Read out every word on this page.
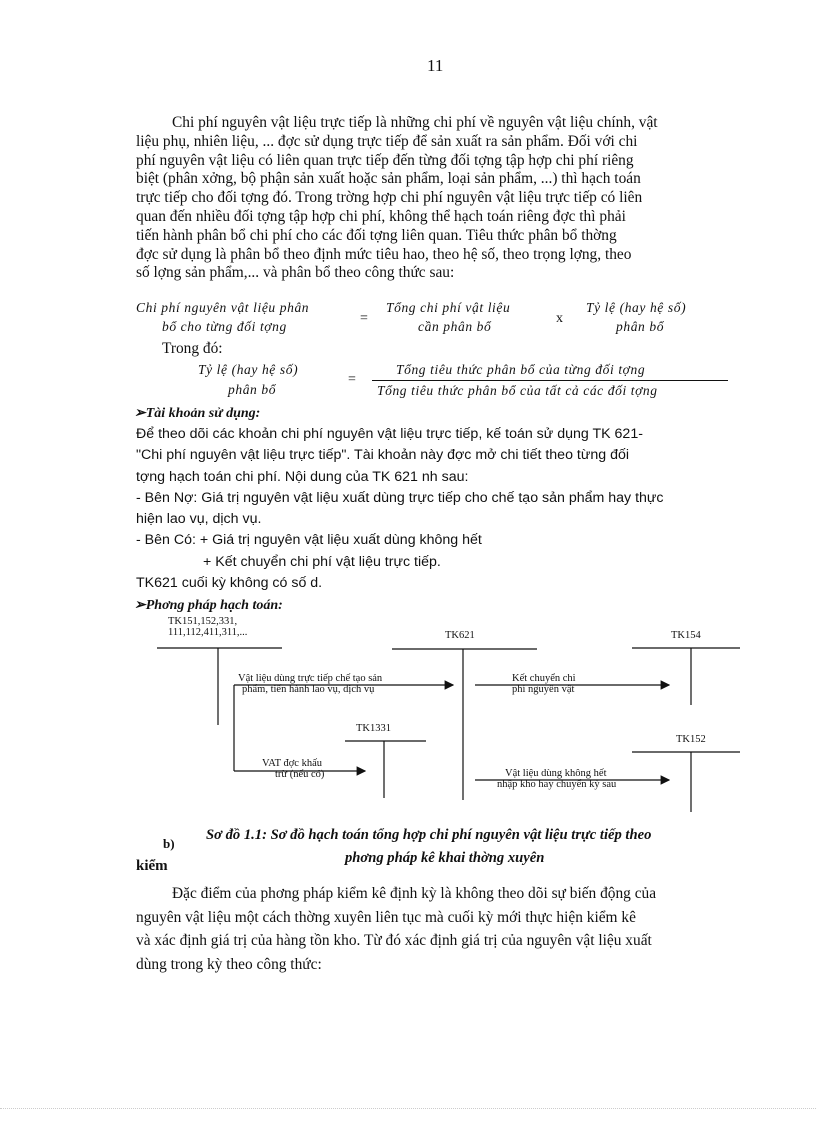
11

Chi phí nguyên vật liệu trực tiếp là những chi phí về nguyên vật liệu chính, vật

liệu phụ, nhiên liệu, ... đợc sử dụng trực tiếp để sản xuất ra sản phẩm. Đối với chi

phí nguyên vật liệu có liên quan trực tiếp đến từng đối tợng tập hợp chi phí riêng

biệt (phân xởng, bộ phận sản xuất hoặc sản phẩm, loại sản phẩm, ...) thì hạch toán

trực tiếp cho đối tợng đó. Trong trờng hợp chi phí nguyên vật liệu trực tiếp có liên

quan đến nhiều đối tợng tập hợp chi phí, không thể hạch toán riêng đợc thì phải

tiến hành phân bổ chi phí cho các đối tợng liên quan. Tiêu thức phân bổ thờng

đợc sử dụng là phân bổ theo định mức tiêu hao, theo hệ số, theo trọng lợng, theo

số lợng sản phẩm,... và phân bổ theo công thức sau:

Chi phí nguyên vật liệu phân
bổ cho từng đối tợng
=
Tổng chi phí vật liệu
cần phân bổ
x
Tỷ lệ (hay hệ số)
phân bổ
Trong đó:
Tỷ lệ (hay hệ số)
phân bổ
=
Tổng tiêu thức phân bổ của từng đối tợng
Tổng tiêu thức phân bổ của tất cả các đối tợng
➢Tài khoản sử dụng:
Để theo dõi các khoản chi phí nguyên vật liệu trực tiếp, kế toán sử dụng TK 621-
"Chi phí nguyên vật liệu trực tiếp". Tài khoản này đợc mở chi tiết theo từng đối
tợng hạch toán chi phí. Nội dung của TK 621 nh sau:
- Bên Nợ: Giá trị nguyên vật liệu xuất dùng trực tiếp cho chế tạo sản phẩm hay thực
hiện lao vụ, dịch vụ.
- Bên Có: + Giá trị nguyên vật liệu xuất dùng không hết
+ Kết chuyển chi phí vật liệu trực tiếp.
TK621 cuối kỳ không có số d.
➢Phơng pháp hạch toán:
TK151,152,331,
111,112,411,311,...	TK621	TK154
TK1331
TK152
Vật liệu dùng trực tiếp chế tạo sản
phẩm, tiến hành lao vụ, dịch vụ
Kết chuyển chi
phí nguyên vật
VAT đợc khấu
trừ (nếu có)	Vật liệu dùng không hết
nhập kho hay chuyển kỳ sau
b)
Sơ đồ 1.1: Sơ đồ hạch toán tổng hợp chi phí nguyên vật liệu trực tiếp theo
phơng pháp kê khai thờng xuyên
kiểm

Đặc điểm của phơng pháp kiểm kê định kỳ là không theo dõi sự biến động của

nguyên vật liệu một cách thờng xuyên liên tục mà cuối kỳ mới thực hiện kiểm kê

và xác định giá trị của hàng tồn kho. Từ đó xác định giá trị của nguyên vật liệu xuất

dùng trong kỳ theo công thức:
